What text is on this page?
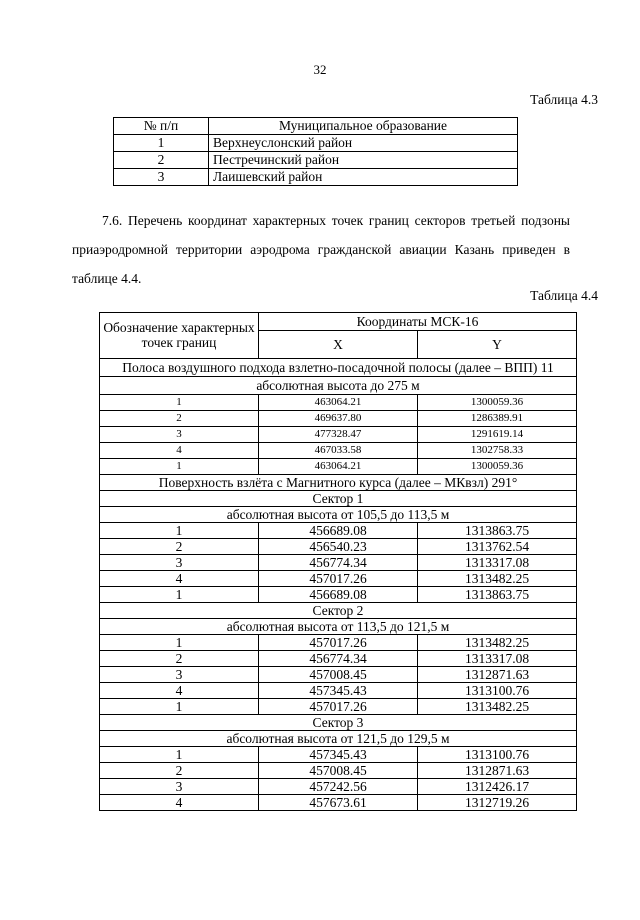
32
Таблица 4.3
№ п/п	Муниципальное образование
1	Верхнеуслонский район
2	Пестречинский район
3	Лаишевский район
7.6. Перечень координат характерных точек границ секторов третьей подзоны
приаэродромной территории аэродрома гражданской авиации Казань приведен в
таблице 4.4.
Таблица 4.4
Обозначение характерных точек границ	Координаты МСК-16	
	X	Y
Полоса воздушного подхода взлетно-посадочной полосы (далее – ВПП) 11		
абсолютная высота до 275 м		
1	463064.21	1300059.36
2	469637.80	1286389.91
3	477328.47	1291619.14
4	467033.58	1302758.33
1	463064.21	1300059.36
Поверхность взлёта с Магнитного курса (далее – МКвзл) 291°		
Сектор 1		
абсолютная высота от 105,5 до 113,5 м		
1	456689.08	1313863.75
2	456540.23	1313762.54
3	456774.34	1313317.08
4	457017.26	1313482.25
1	456689.08	1313863.75
Сектор 2		
абсолютная высота от 113,5 до 121,5 м		
1	457017.26	1313482.25
2	456774.34	1313317.08
3	457008.45	1312871.63
4	457345.43	1313100.76
1	457017.26	1313482.25
Сектор 3		
абсолютная высота от 121,5 до 129,5 м		
1	457345.43	1313100.76
2	457008.45	1312871.63
3	457242.56	1312426.17
4	457673.61	1312719.26
